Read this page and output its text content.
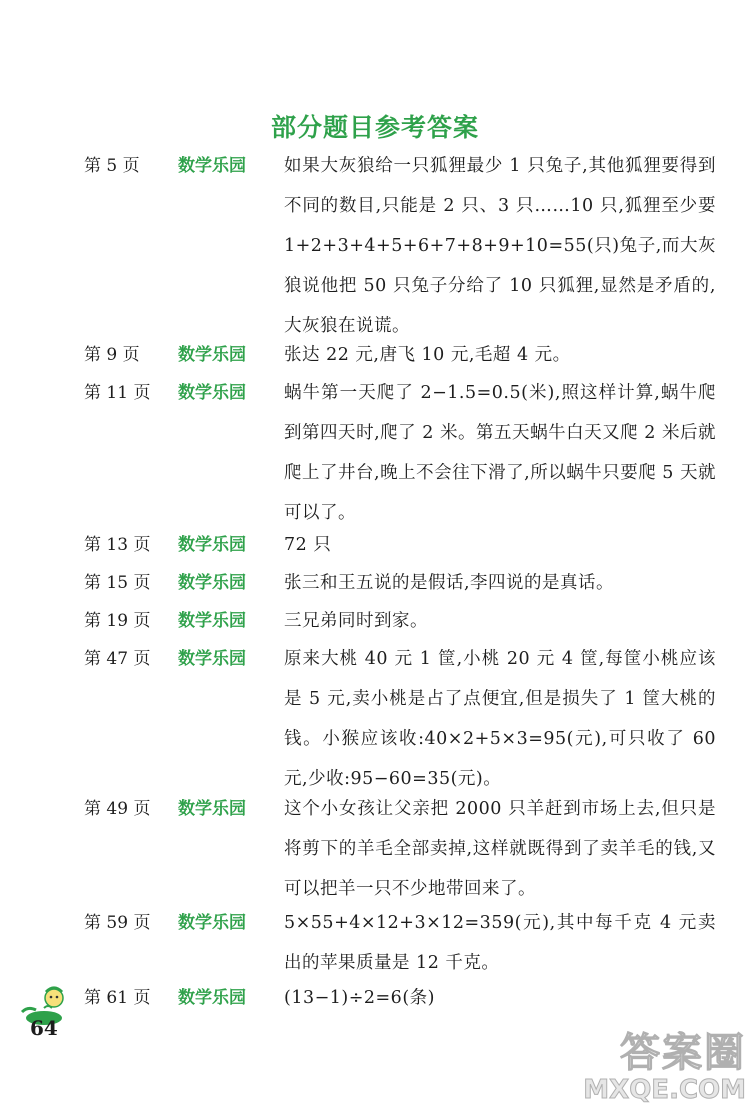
部分题目参考答案
第 5 页 数学乐园 如果大灰狼给一只狐狸最少 1 只兔子,其他狐狸要得到不同的数目,只能是 2 只、3 只……10 只,狐狸至少要 1+2+3+4+5+6+7+8+9+10=55(只)兔子,而大灰狼说他把 50 只兔子分给了 10 只狐狸,显然是矛盾的,大灰狼在说谎。

第 9 页 数学乐园 张达 22 元,唐飞 10 元,毛超 4 元。

第 11 页 数学乐园 蜗牛第一天爬了 2−1.5=0.5(米),照这样计算,蜗牛爬到第四天时,爬了 2 米。第五天蜗牛白天又爬 2 米后就爬上了井台,晚上不会往下滑了,所以蜗牛只要爬 5 天就可以了。

第 13 页 数学乐园 72 只

第 15 页 数学乐园 张三和王五说的是假话,李四说的是真话。

第 19 页 数学乐园 三兄弟同时到家。

第 47 页 数学乐园 原来大桃 40 元 1 筐,小桃 20 元 4 筐,每筐小桃应该是 5 元,卖小桃是占了点便宜,但是损失了 1 筐大桃的钱。小猴应该收:40×2+5×3=95(元),可只收了 60 元,少收:95−60=35(元)。

第 49 页 数学乐园 这个小女孩让父亲把 2000 只羊赶到市场上去,但只是将剪下的羊毛全部卖掉,这样就既得到了卖羊毛的钱,又可以把羊一只不少地带回来了。

第 59 页 数学乐园 5×55+4×12+3×12=359(元),其中每千克 4 元卖出的苹果质量是 12 千克。

第 61 页 数学乐园 (13−1)÷2=6(条)

64
答案圈
MXQE.COM
